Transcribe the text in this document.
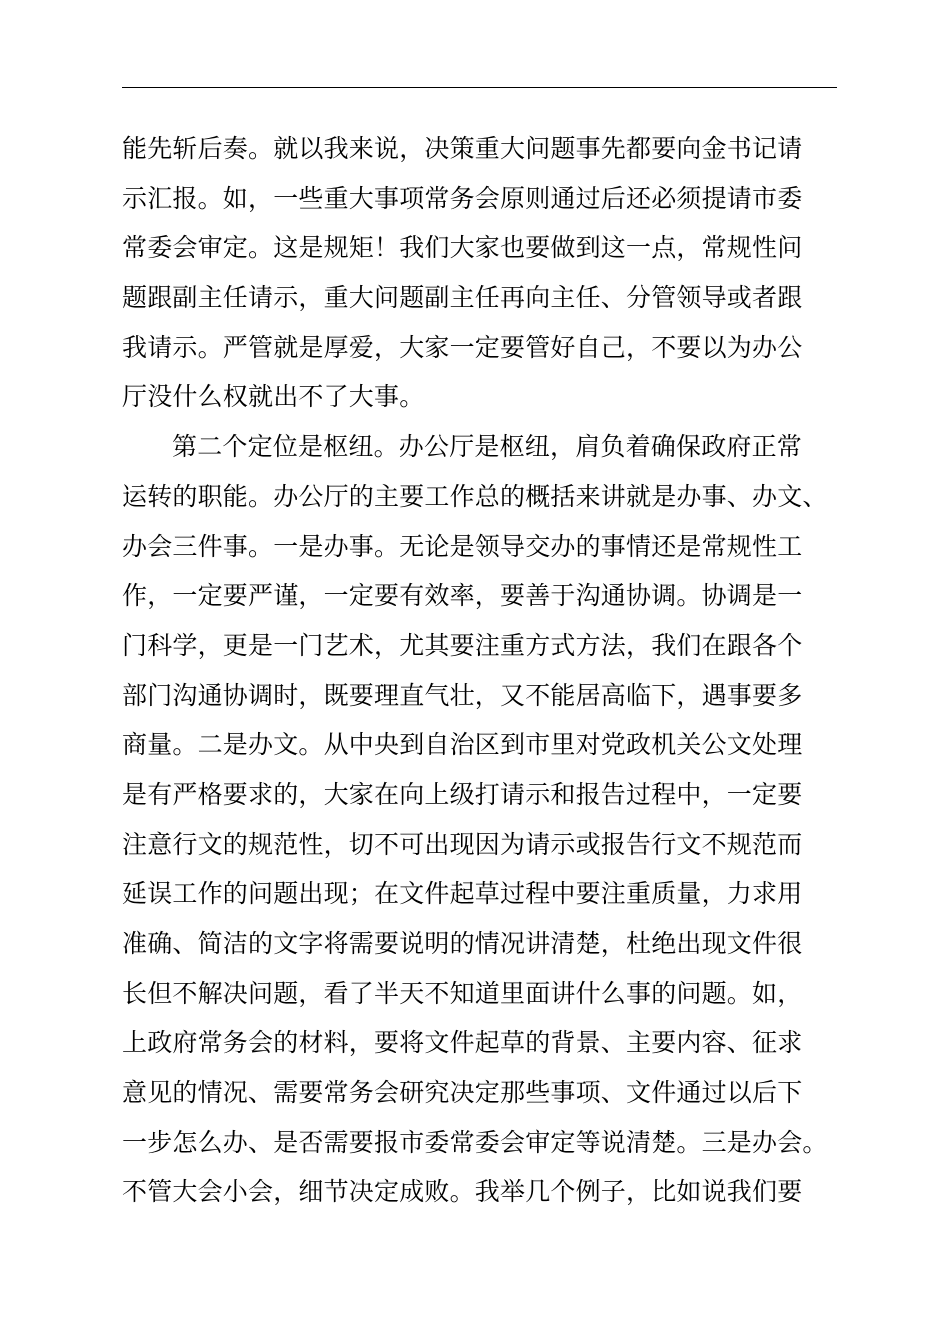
能先斩后奏。就以我来说，决策重大问题事先都要向金书记请
示汇报。如，一些重大事项常务会原则通过后还必须提请市委
常委会审定。这是规矩！我们大家也要做到这一点，常规性问
题跟副主任请示，重大问题副主任再向主任、分管领导或者跟
我请示。严管就是厚爱，大家一定要管好自己，不要以为办公
厅没什么权就出不了大事。
第二个定位是枢纽。办公厅是枢纽，肩负着确保政府正常
运转的职能。办公厅的主要工作总的概括来讲就是办事、办文、
办会三件事。一是办事。无论是领导交办的事情还是常规性工
作，一定要严谨，一定要有效率，要善于沟通协调。协调是一
门科学，更是一门艺术，尤其要注重方式方法，我们在跟各个
部门沟通协调时，既要理直气壮，又不能居高临下，遇事要多
商量。二是办文。从中央到自治区到市里对党政机关公文处理
是有严格要求的，大家在向上级打请示和报告过程中，一定要
注意行文的规范性，切不可出现因为请示或报告行文不规范而
延误工作的问题出现；在文件起草过程中要注重质量，力求用
准确、简洁的文字将需要说明的情况讲清楚，杜绝出现文件很
长但不解决问题，看了半天不知道里面讲什么事的问题。如，
上政府常务会的材料，要将文件起草的背景、主要内容、征求
意见的情况、需要常务会研究决定那些事项、文件通过以后下
一步怎么办、是否需要报市委常委会审定等说清楚。三是办会。
不管大会小会，细节决定成败。我举几个例子，比如说我们要
